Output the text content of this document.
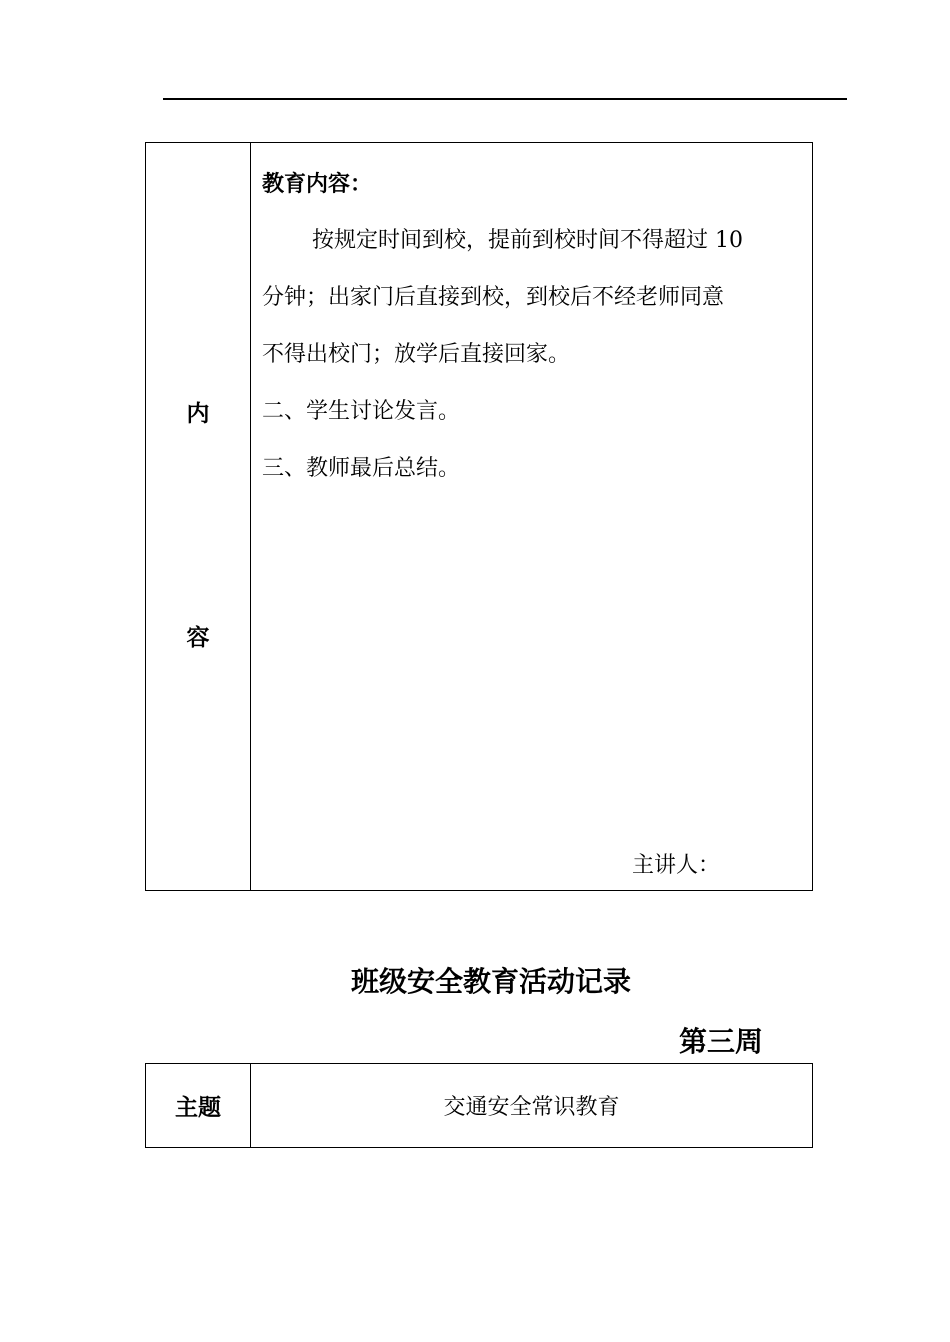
内
容
教育内容：
按规定时间到校，提前到校时间不得超过 10
分钟；出家门后直接到校，到校后不经老师同意
不得出校门；放学后直接回家。
二、学生讨论发言。
三、教师最后总结。
主讲人：
班级安全教育活动记录
第三周
主题	交通安全常识教育
